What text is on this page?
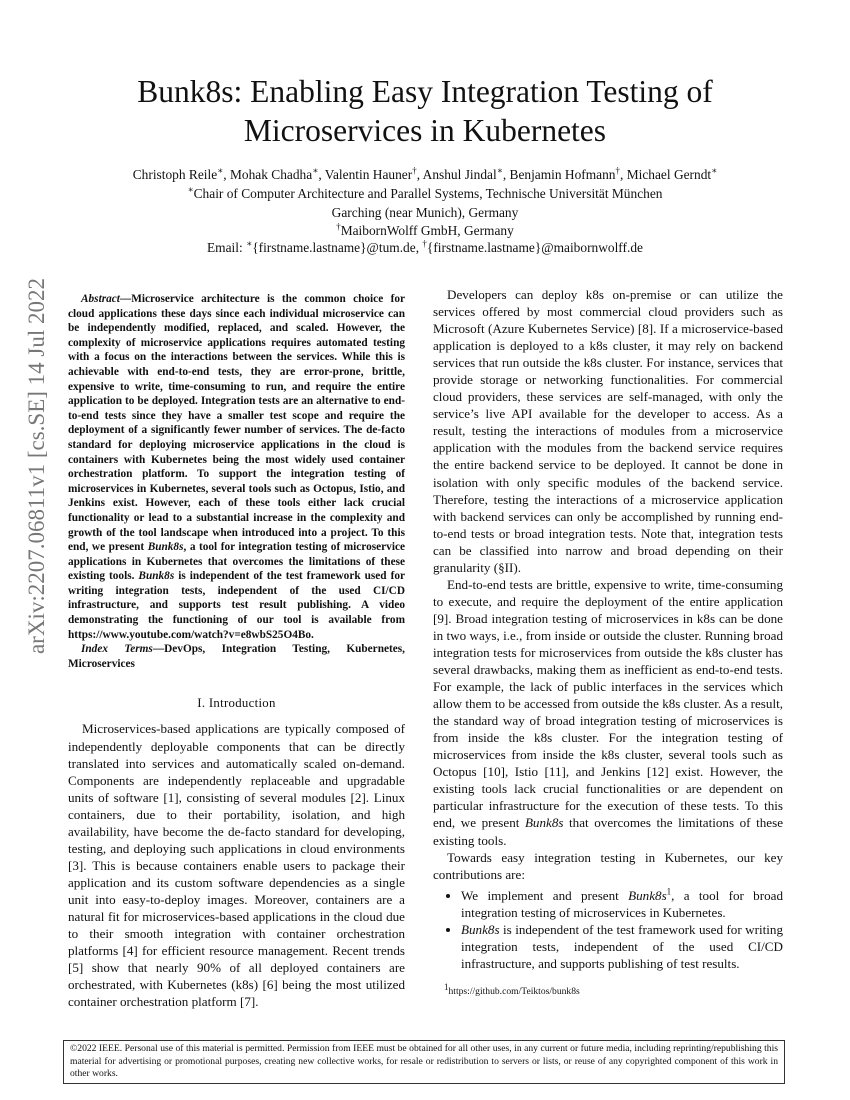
arXiv:2207.06811v1 [cs.SE] 14 Jul 2022
Bunk8s: Enabling Easy Integration Testing of Microservices in Kubernetes
Christoph Reile∗, Mohak Chadha∗, Valentin Hauner†, Anshul Jindal∗, Benjamin Hofmann†, Michael Gerndt∗
∗Chair of Computer Architecture and Parallel Systems, Technische Universität München
Garching (near Munich), Germany
†MaibornWolff GmbH, Germany
Email: ∗{firstname.lastname}@tum.de, †{firstname.lastname}@maibornwolff.de

Abstract—Microservice architecture is the common choice for cloud applications these days since each individual microservice can be independently modified, replaced, and scaled. However, the complexity of microservice applications requires automated testing with a focus on the interactions between the services. While this is achievable with end-to-end tests, they are error-prone, brittle, expensive to write, time-consuming to run, and require the entire application to be deployed. Integration tests are an alternative to end-to-end tests since they have a smaller test scope and require the deployment of a significantly fewer number of services. The de-facto standard for deploying microservice applications in the cloud is containers with Kubernetes being the most widely used container orchestration platform. To support the integration testing of microservices in Kubernetes, several tools such as Octopus, Istio, and Jenkins exist. However, each of these tools either lack crucial functionality or lead to a substantial increase in the complexity and growth of the tool landscape when introduced into a project. To this end, we present Bunk8s, a tool for integration testing of microservice applications in Kubernetes that overcomes the limitations of these existing tools. Bunk8s is independent of the test framework used for writing integration tests, independent of the used CI/CD infrastructure, and supports test result publishing. A video demonstrating the functioning of our tool is available from https://www.youtube.com/watch?v=e8wbS25O4Bo.

Index Terms—DevOps, Integration Testing, Kubernetes, Microservices

I. Introduction

Microservices-based applications are typically composed of independently deployable components that can be directly translated into services and automatically scaled on-demand. Components are independently replaceable and upgradable units of software [1], consisting of several modules [2]. Linux containers, due to their portability, isolation, and high availability, have become the de-facto standard for developing, testing, and deploying such applications in cloud environments [3]. This is because containers enable users to package their application and its custom software dependencies as a single unit into easy-to-deploy images. Moreover, containers are a natural fit for microservices-based applications in the cloud due to their smooth integration with container orchestration platforms [4] for efficient resource management. Recent trends [5] show that nearly 90% of all deployed containers are orchestrated, with Kubernetes (k8s) [6] being the most utilized container orchestration platform [7].

Developers can deploy k8s on-premise or can utilize the services offered by most commercial cloud providers such as Microsoft (Azure Kubernetes Service) [8]. If a microservice-based application is deployed to a k8s cluster, it may rely on backend services that run outside the k8s cluster. For instance, services that provide storage or networking functionalities. For commercial cloud providers, these services are self-managed, with only the service’s live API available for the developer to access. As a result, testing the interactions of modules from a microservice application with the modules from the backend service requires the entire backend service to be deployed. It cannot be done in isolation with only specific modules of the backend service. Therefore, testing the interactions of a microservice application with backend services can only be accomplished by running end-to-end tests or broad integration tests. Note that, integration tests can be classified into narrow and broad depending on their granularity (§II).

End-to-end tests are brittle, expensive to write, time-consuming to execute, and require the deployment of the entire application [9]. Broad integration testing of microservices in k8s can be done in two ways, i.e., from inside or outside the cluster. Running broad integration tests for microservices from outside the k8s cluster has several drawbacks, making them as inefficient as end-to-end tests. For example, the lack of public interfaces in the services which allow them to be accessed from outside the k8s cluster. As a result, the standard way of broad integration testing of microservices is from inside the k8s cluster. For the integration testing of microservices from inside the k8s cluster, several tools such as Octopus [10], Istio [11], and Jenkins [12] exist. However, the existing tools lack crucial functionalities or are dependent on particular infrastructure for the execution of these tests. To this end, we present Bunk8s that overcomes the limitations of these existing tools.

Towards easy integration testing in Kubernetes, our key contributions are:

• We implement and present $Bunk8s^1$, a tool for broad integration testing of microservices in Kubernetes.
• Bunk8s is independent of the test framework used for writing integration tests, independent of the used CI/CD infrastructure, and supports publishing of test results.
$^1$https://github.com/Teiktos/bunk8s
©2022 IEEE. Personal use of this material is permitted. Permission from IEEE must be obtained for all other uses, in any current or future media, including reprinting/republishing this material for advertising or promotional purposes, creating new collective works, for resale or redistribution to servers or lists, or reuse of any copyrighted component of this work in other works.
